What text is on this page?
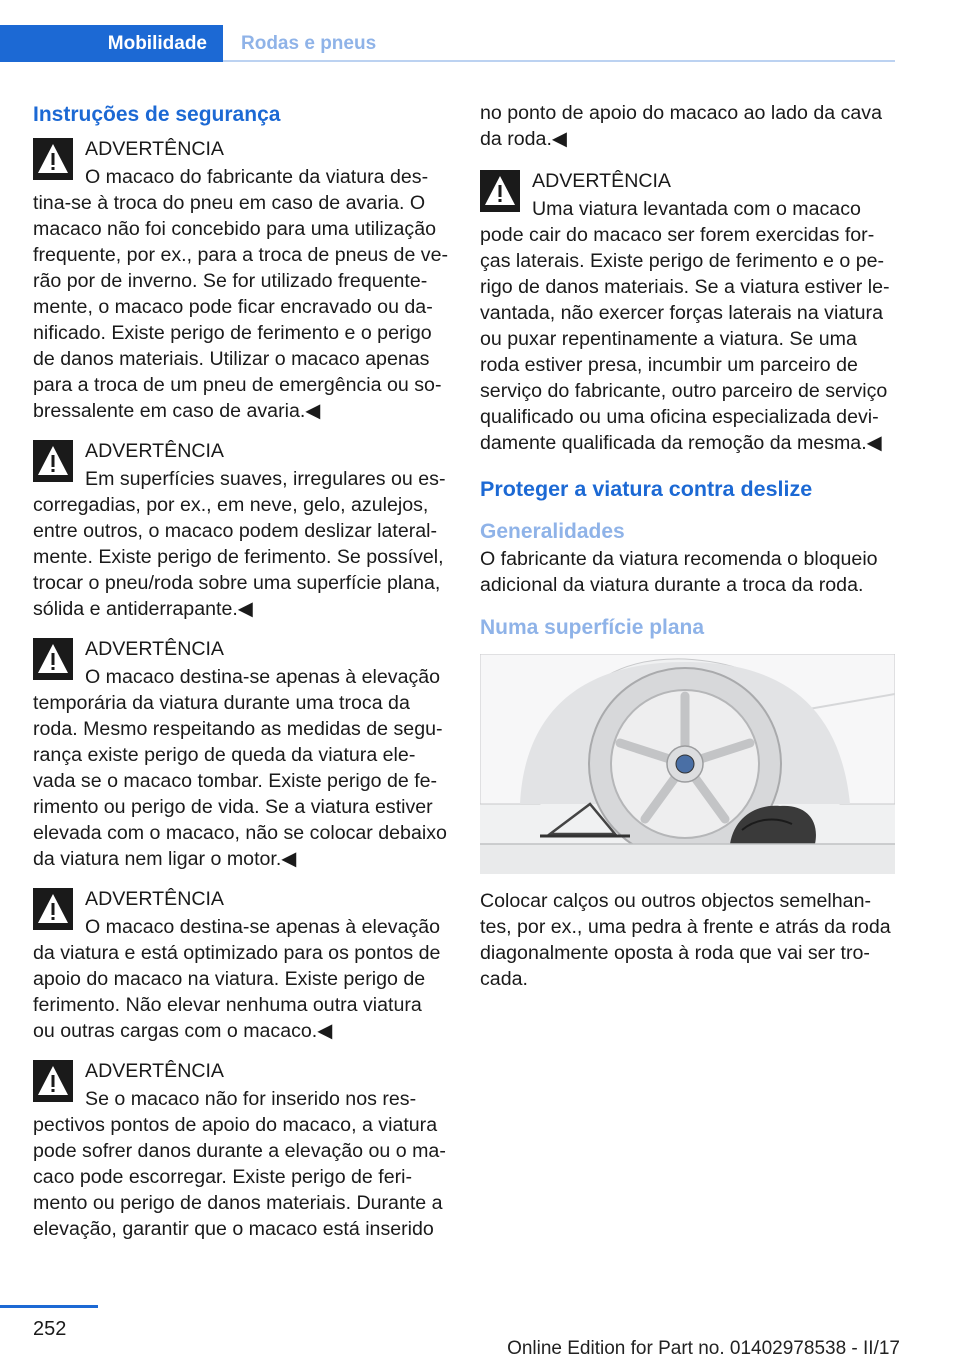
Mobilidade	Rodas e pneus
Instruções de segurança
ADVERTÊNCIA

O macaco do fabricante da viatura destina-se à troca do pneu em caso de avaria. O macaco não foi concebido para uma utilização frequente, por ex., para a troca de pneus de verão por de inverno. Se for utilizado frequentemente, o macaco pode ficar encravado ou danificado. Existe perigo de ferimento e o perigo de danos materiais. Utilizar o macaco apenas para a troca de um pneu de emergência ou sobressalente em caso de avaria.◀

ADVERTÊNCIA

Em superfícies suaves, irregulares ou escorregadias, por ex., em neve, gelo, azulejos, entre outros, o macaco podem deslizar lateralmente. Existe perigo de ferimento. Se possível, trocar o pneu/roda sobre uma superfície plana, sólida e antiderrapante.◀

ADVERTÊNCIA

O macaco destina-se apenas à elevação temporária da viatura durante uma troca da roda. Mesmo respeitando as medidas de segurança existe perigo de queda da viatura elevada se o macaco tombar. Existe perigo de ferimento ou perigo de vida. Se a viatura estiver elevada com o macaco, não se colocar debaixo da viatura nem ligar o motor.◀

ADVERTÊNCIA

O macaco destina-se apenas à elevação da viatura e está optimizado para os pontos de apoio do macaco na viatura. Existe perigo de ferimento. Não elevar nenhuma outra viatura ou outras cargas com o macaco.◀

ADVERTÊNCIA

Se o macaco não for inserido nos respectivos pontos de apoio do macaco, a viatura pode sofrer danos durante a elevação ou o macaco pode escorregar. Existe perigo de ferimento ou perigo de danos materiais. Durante a elevação, garantir que o macaco está inserido

no ponto de apoio do macaco ao lado da cava da roda.◀

ADVERTÊNCIA

Uma viatura levantada com o macaco pode cair do macaco ser forem exercidas forças laterais. Existe perigo de ferimento e o perigo de danos materiais. Se a viatura estiver levantada, não exercer forças laterais na viatura ou puxar repentinamente a viatura. Se uma roda estiver presa, incumbir um parceiro de serviço do fabricante, outro parceiro de serviço qualificado ou uma oficina especializada devidamente qualificada da remoção da mesma.◀

Proteger a viatura contra deslize
Generalidades

O fabricante da viatura recomenda o bloqueio adicional da viatura durante a troca da roda.

Numa superfície plana

Colocar calços ou outros objectos semelhantes, por ex., uma pedra à frente e atrás da roda diagonalmente oposta à roda que vai ser trocada.

252
Online Edition for Part no. 01402978538 - II/17
